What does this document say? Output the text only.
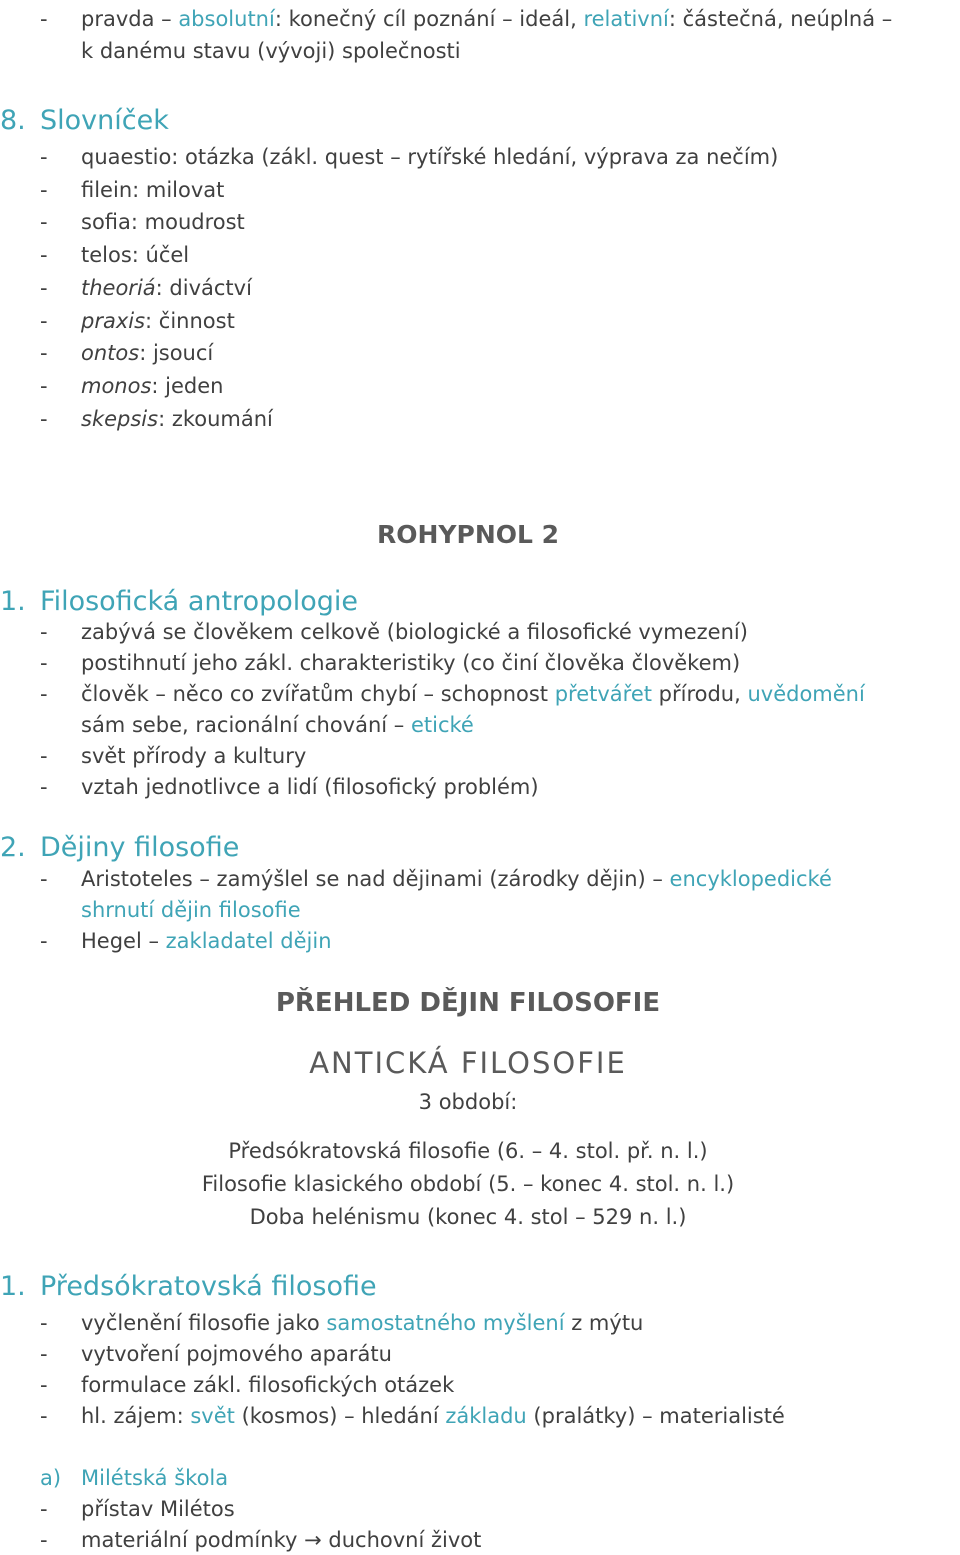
- pravda – absolutní: konečný cíl poznání – ideál, relativní: částečná, neúplná –
k danému stavu (vývoji) společnosti
8. Slovníček
- quaestio: otázka (zákl. quest – rytířské hledání, výprava za nečím)
- filein: milovat
- sofia: moudrost
- telos: účel
- theoriá: diváctví
- praxis: činnost
- ontos: jsoucí
- monos: jeden
- skepsis: zkoumání
ROHYPNOL 2
1. Filosofická antropologie
- zabývá se člověkem celkově (biologické a filosofické vymezení)
- postihnutí jeho zákl. charakteristiky (co činí člověka člověkem)
- člověk – něco co zvířatům chybí – schopnost přetvářet přírodu, uvědomění
sám sebe, racionální chování – etické
- svět přírody a kultury
- vztah jednotlivce a lidí (filosofický problém)
2. Dějiny filosofie
- Aristoteles – zamýšlel se nad dějinami (zárodky dějin) – encyklopedické
shrnutí dějin filosofie
- Hegel – zakladatel dějin
PŘEHLED DĚJIN FILOSOFIE
ANTICKÁ FILOSOFIE
3 období:
Předsókratovská filosofie (6. – 4. stol. př. n. l.)
Filosofie klasického období (5. – konec 4. stol. n. l.)
Doba helénismu (konec 4. stol – 529 n. l.)
1. Předsókratovská filosofie
- vyčlenění filosofie jako samostatného myšlení z mýtu
- vytvoření pojmového aparátu
- formulace zákl. filosofických otázek
- hl. zájem: svět (kosmos) – hledání základu (pralátky) – materialisté
a) Milétská škola
- přístav Milétos
- materiální podmínky → duchovní život
